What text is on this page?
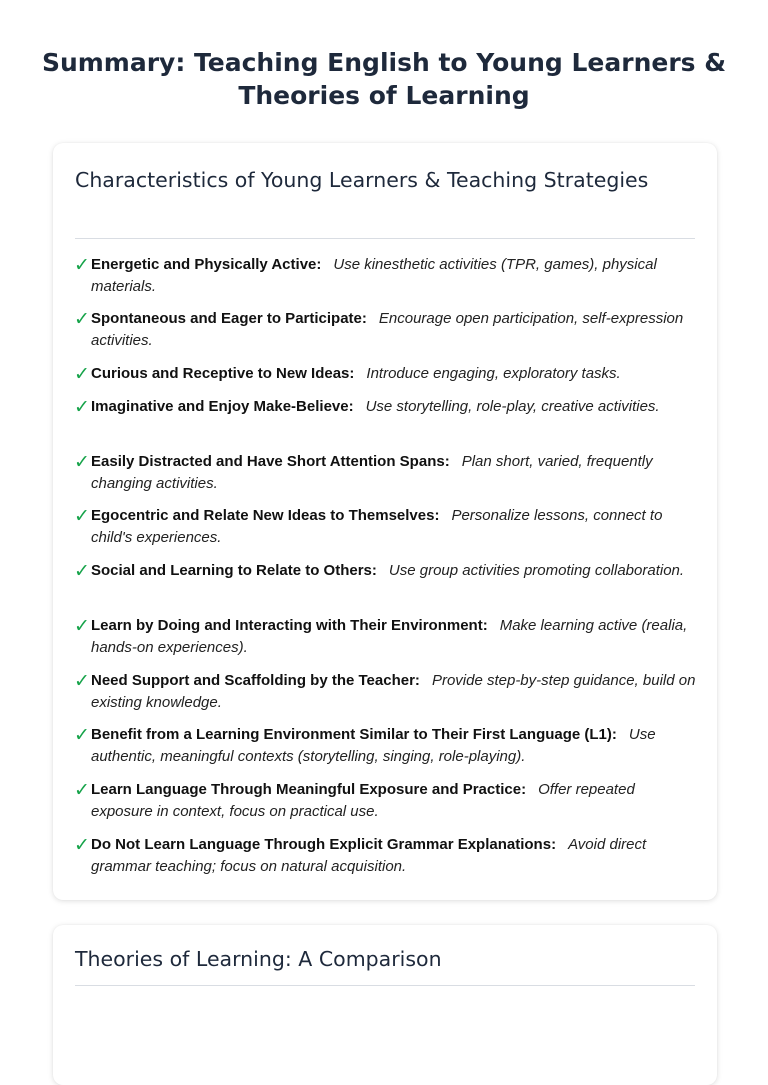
Summary: Teaching English to Young Learners & Theories of Learning
Characteristics of Young Learners & Teaching Strategies
✓ Energetic and Physically Active: Use kinesthetic activities (TPR, games), physical materials.
✓ Spontaneous and Eager to Participate: Encourage open participation, self-expression activities.
✓ Curious and Receptive to New Ideas: Introduce engaging, exploratory tasks.
✓ Imaginative and Enjoy Make-Believe: Use storytelling, role-play, creative activities.
✓ Easily Distracted and Have Short Attention Spans: Plan short, varied, frequently changing activities.
✓ Egocentric and Relate New Ideas to Themselves: Personalize lessons, connect to child's experiences.
✓ Social and Learning to Relate to Others: Use group activities promoting collaboration.
✓ Learn by Doing and Interacting with Their Environment: Make learning active (realia, hands-on experiences).
✓ Need Support and Scaffolding by the Teacher: Provide step-by-step guidance, build on existing knowledge.
✓ Benefit from a Learning Environment Similar to Their First Language (L1): Use authentic, meaningful contexts (storytelling, singing, role-playing).
✓ Learn Language Through Meaningful Exposure and Practice: Offer repeated exposure in context, focus on practical use.
✓ Do Not Learn Language Through Explicit Grammar Explanations: Avoid direct grammar teaching; focus on natural acquisition.
Theories of Learning: A Comparison
